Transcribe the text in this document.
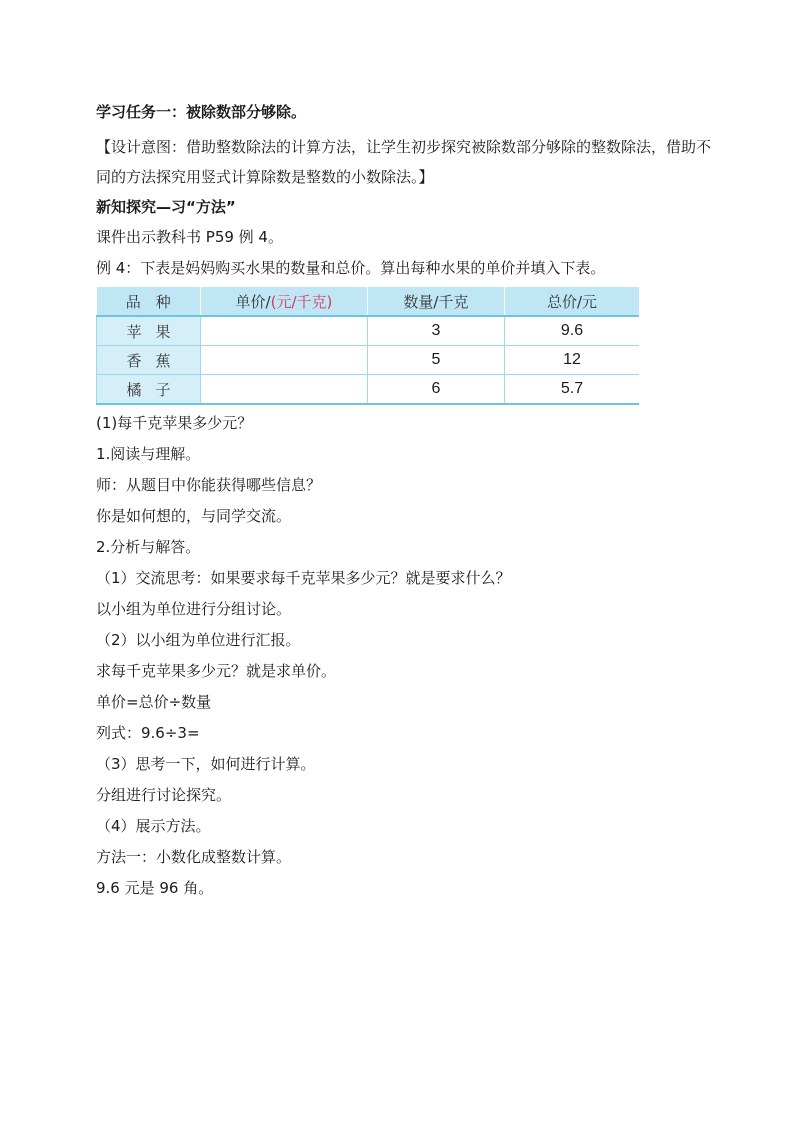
学习任务一：被除数部分够除。
【设计意图：借助整数除法的计算方法，让学生初步探究被除数部分够除的整数除法，借助不同的方法探究用竖式计算除数是整数的小数除法。】
新知探究—习“方法”
课件出示教科书 P59 例 4。
例 4：下表是妈妈购买水果的数量和总价。算出每种水果的单价并填入下表。
品　种	单价/(元/千克)	数量/千克	总价/元
苹果		3	9.6
香蕉		5	12
橘子		6	5.7
(1)每千克苹果多少元？
1.阅读与理解。
师：从题目中你能获得哪些信息？
你是如何想的，与同学交流。
2.分析与解答。
（1）交流思考：如果要求每千克苹果多少元？就是要求什么？
以小组为单位进行分组讨论。
（2）以小组为单位进行汇报。
求每千克苹果多少元？就是求单价。
单价=总价÷数量
列式：9.6÷3=
（3）思考一下，如何进行计算。
分组进行讨论探究。
（4）展示方法。
方法一：小数化成整数计算。
9.6 元是 96 角。
